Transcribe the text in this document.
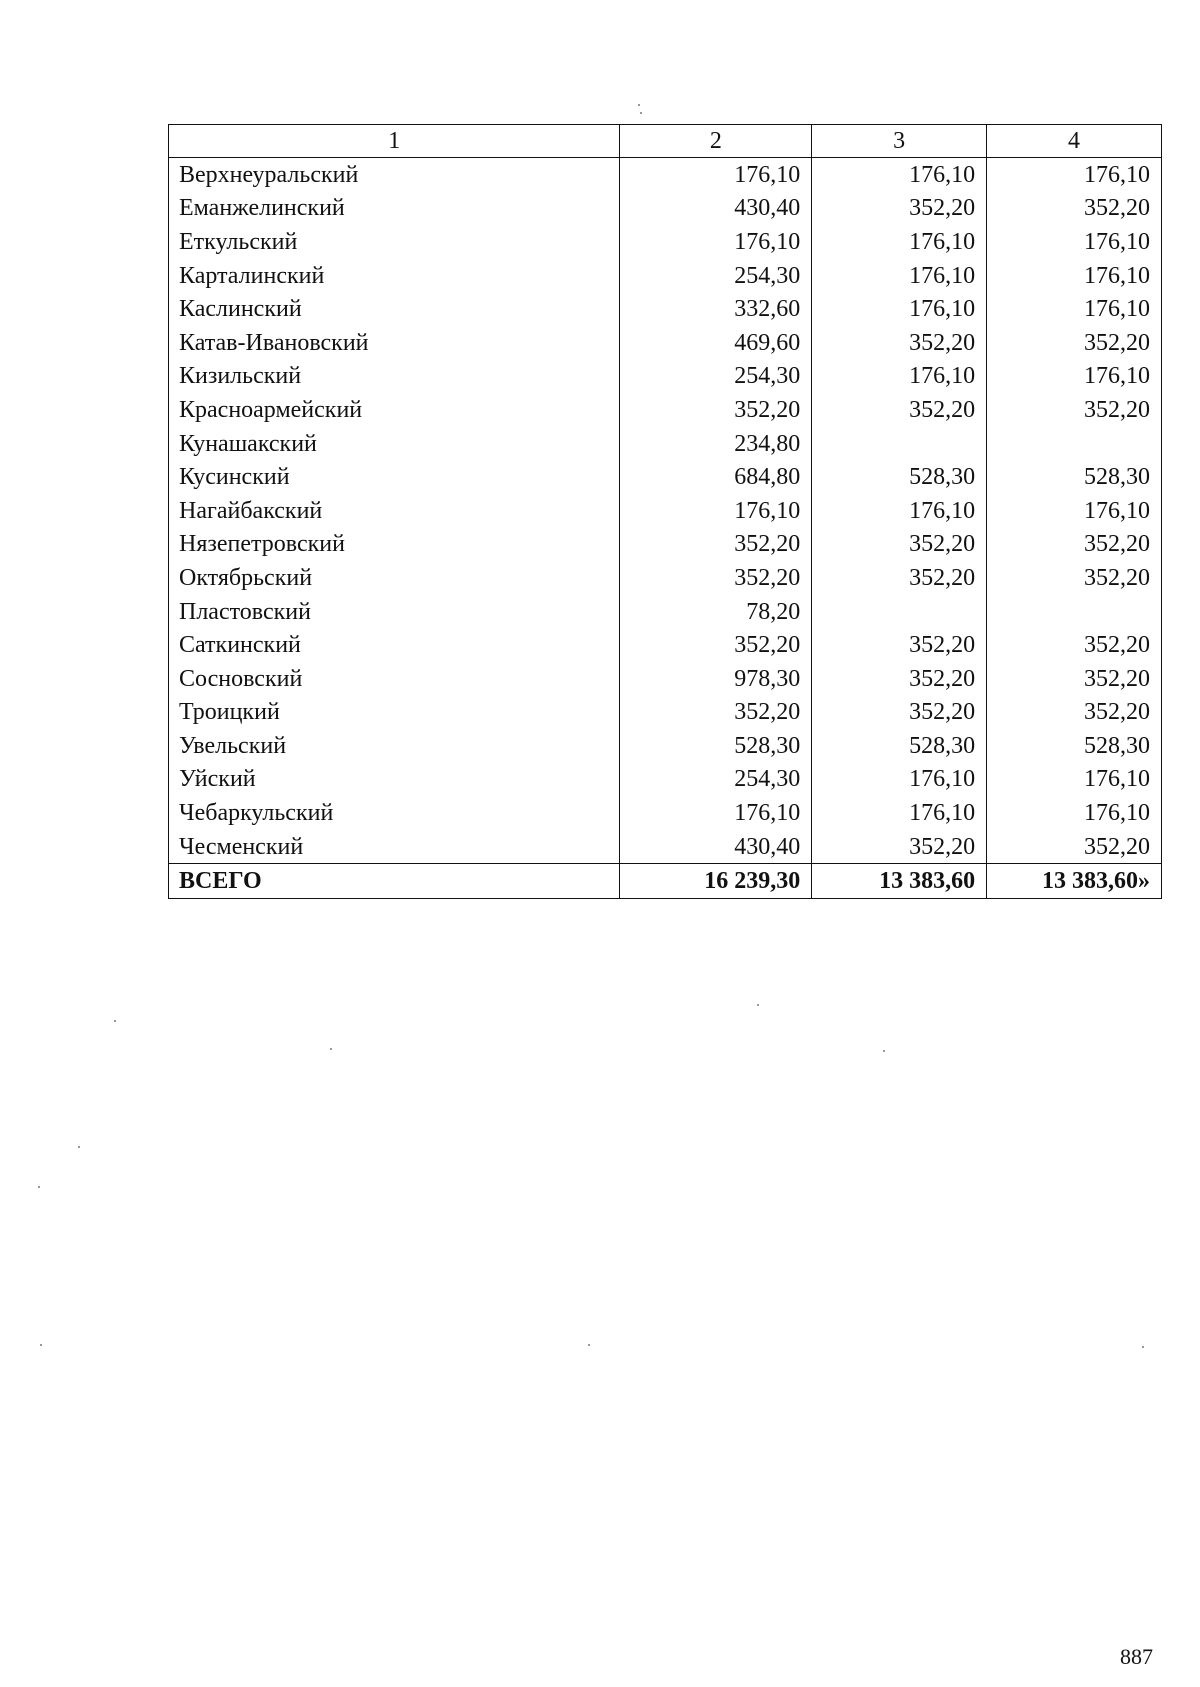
1	2	3	4
Верхнеуральский	176,10	176,10	176,10
Еманжелинский	430,40	352,20	352,20
Еткульский	176,10	176,10	176,10
Карталинский	254,30	176,10	176,10
Каслинский	332,60	176,10	176,10
Катав-Ивановский	469,60	352,20	352,20
Кизильский	254,30	176,10	176,10
Красноармейский	352,20	352,20	352,20
Кунашакский	234,80		
Кусинский	684,80	528,30	528,30
Нагайбакский	176,10	176,10	176,10
Нязепетровский	352,20	352,20	352,20
Октябрьский	352,20	352,20	352,20
Пластовский	78,20		
Саткинский	352,20	352,20	352,20
Сосновский	978,30	352,20	352,20
Троицкий	352,20	352,20	352,20
Увельский	528,30	528,30	528,30
Уйский	254,30	176,10	176,10
Чебаркульский	176,10	176,10	176,10
Чесменский	430,40	352,20	352,20
ВСЕГО	16 239,30	13 383,60	13 383,60»
887
